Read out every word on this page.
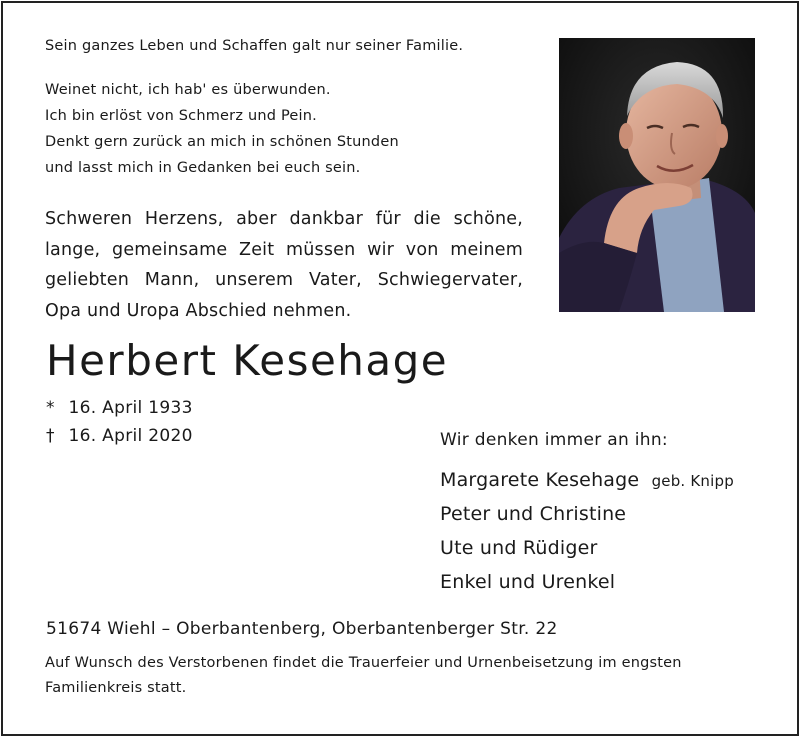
Sein ganzes Leben und Schaffen galt nur seiner Familie.
Weinet nicht, ich hab' es überwunden.
Ich bin erlöst von Schmerz und Pein.
Denkt gern zurück an mich in schönen Stunden
und lasst mich in Gedanken bei euch sein.
Schweren Herzens, aber dankbar für die schöne, lange, gemeinsame Zeit müssen wir von meinem geliebten Mann, unserem Vater, Schwiegervater, Opa und Uropa Abschied nehmen.
Herbert Kesehage
* 16. April 1933
† 16. April 2020	Wir denken immer an ihn:
Margarete Kesehage geb. Knipp
Peter und Christine
Ute und Rüdiger
Enkel und Urenkel
51674 Wiehl – Oberbantenberg, Oberbantenberger Str. 22
Auf Wunsch des Verstorbenen findet die Trauerfeier und Urnenbeisetzung im engsten
Familienkreis statt.
